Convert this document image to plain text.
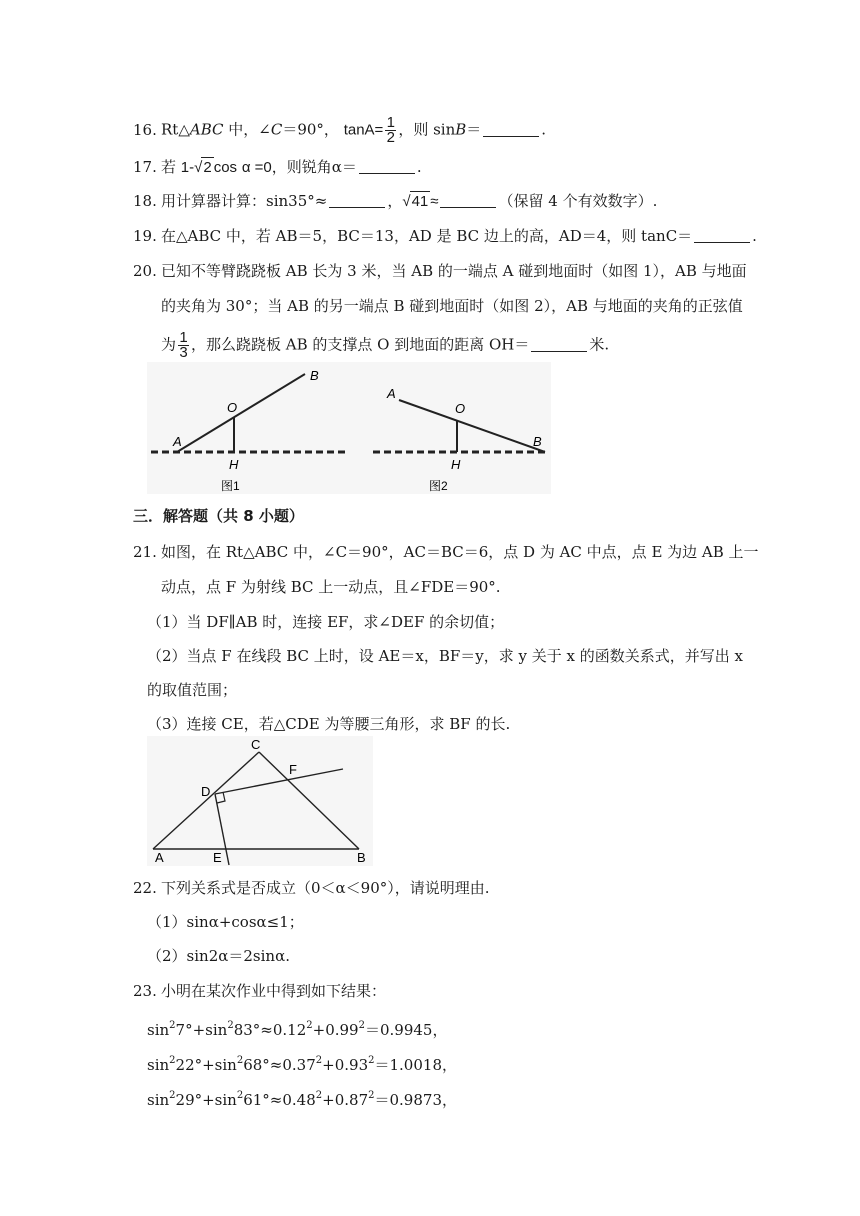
16. Rt△ABC 中，∠C＝90°， $\tan A= \frac{1}{2}$ ，则 sinB＝	.
17. 若 1-√2 cos α =0，则锐角α＝	.
18. 用计算器计算：sin35°≈	，√41 ≈	（保留 4 个有效数字）.
19. 在△ABC 中，若 AB＝5，BC＝13，AD 是 BC 边上的高，AD＝4，则 tanC＝	.
20. 已知不等臂跷跷板 AB 长为 3 米，当 AB 的一端点 A 碰到地面时（如图 1），AB 与地面
的夹角为 30°；当 AB 的另一端点 B 碰到地面时（如图 2），AB 与地面的夹角的正弦值
为 $\frac{1}{3}$ ，那么跷跷板 AB 的支撑点 O 到地面的距离 OH＝	米.
A
B
O
H
图1
A
B
O
H
图2
三．解答题（共 8 小题）
21. 如图，在 Rt△ABC 中，∠C＝90°，AC＝BC＝6，点 D 为 AC 中点，点 E 为边 AB 上一
动点，点 F 为射线 BC 上一动点，且∠FDE＝90°.
（1）当 DF∥AB 时，连接 EF，求∠DEF 的余切值；
（2）当点 F 在线段 BC 上时，设 AE＝x，BF＝y，求 y 关于 x 的函数关系式，并写出 x
的取值范围；
（3）连接 CE，若△CDE 为等腰三角形，求 BF 的长.
C
D
F
A	E	B
22. 下列关系式是否成立（0＜α＜90°），请说明理由.
（1）sinα+cosα≤1；
（2）sin2α＝2sinα.
23. 小明在某次作业中得到如下结果：
$\sin^27^\circ+\sin^283^\circ\approx 0.12^2+0.99^2=0.9945$，
$\sin^222^\circ+\sin^268^\circ\approx 0.37^2+0.93^2=1.0018$，
$\sin^229^\circ+\sin^261^\circ\approx 0.48^2+0.87^2=0.9873$，
